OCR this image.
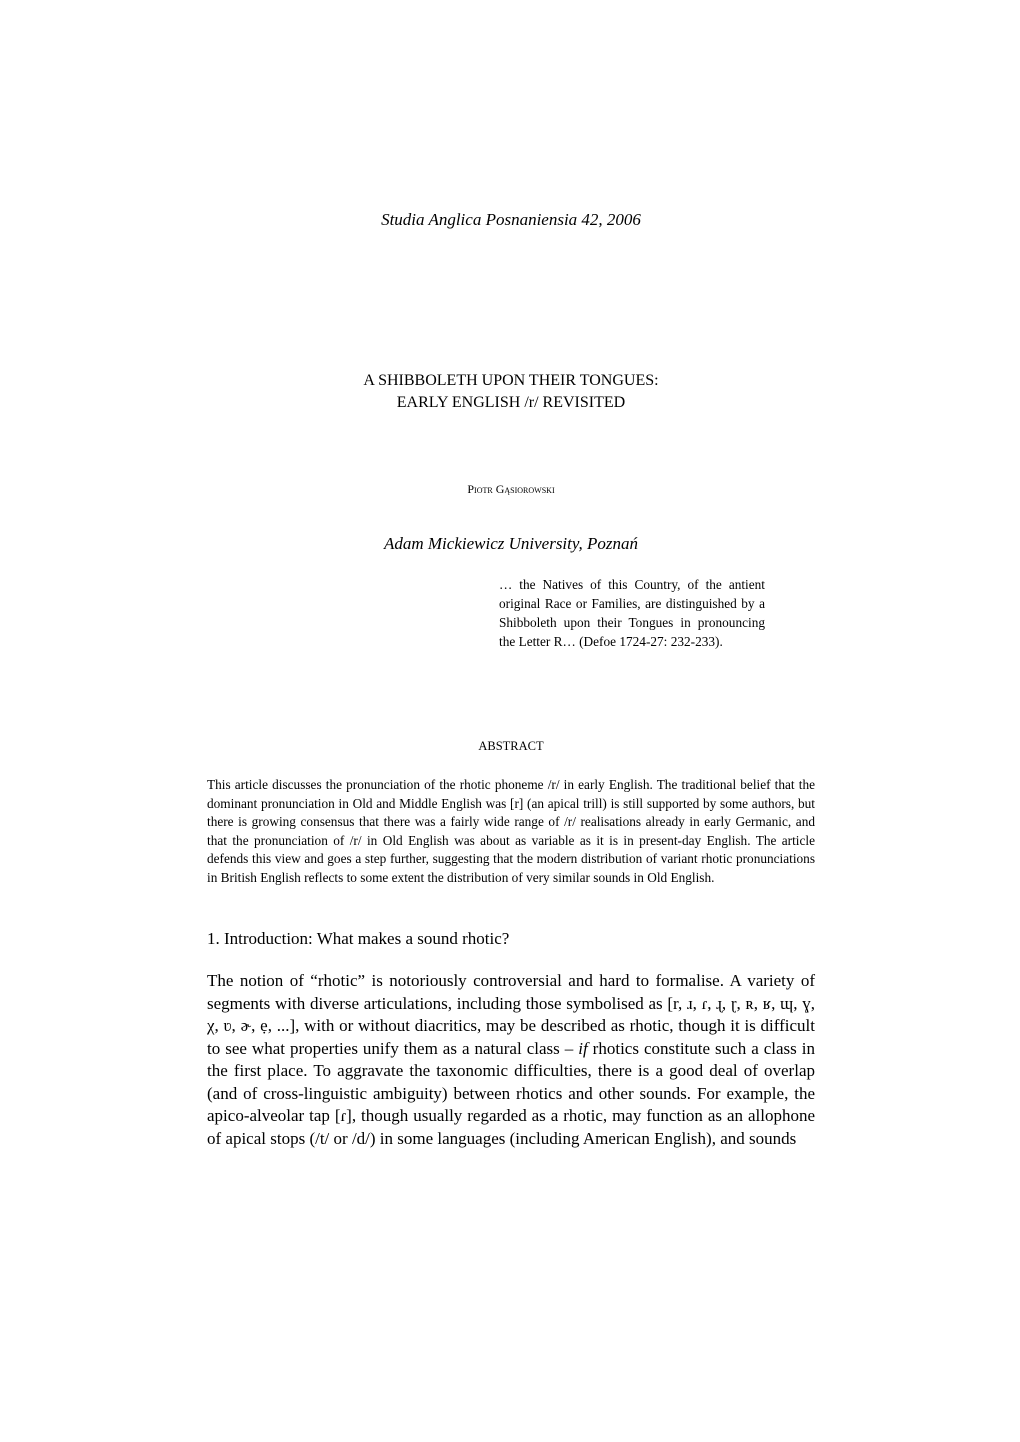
Studia Anglica Posnaniensia 42, 2006
A SHIBBOLETH UPON THEIR TONGUES:
EARLY ENGLISH /r/ REVISITED
Piotr Gąsiorowski
Adam Mickiewicz University, Poznań
… the Natives of this Country, of the antient original Race or Families, are distinguished by a Shibboleth upon their Tongues in pronouncing the Letter R… (Defoe 1724-27: 232-233).
ABSTRACT
This article discusses the pronunciation of the rhotic phoneme /r/ in early English. The traditional belief that the dominant pronunciation in Old and Middle English was [r] (an apical trill) is still supported by some authors, but there is growing consensus that there was a fairly wide range of /r/ realisations already in early Germanic, and that the pronunciation of /r/ in Old English was about as variable as it is in present-day English. The article defends this view and goes a step further, suggesting that the modern distribution of variant rhotic pronunciations in British English reflects to some extent the distribution of very similar sounds in Old English.
1. Introduction: What makes a sound rhotic?
The notion of “rhotic” is notoriously controversial and hard to formalise. A variety of segments with diverse articulations, including those symbolised as [r, ɹ, ɾ, ɻ, ɽ, ʀ, ʁ, ɰ, ɣ, χ, ʋ, ɚ, ẹ, ...], with or without diacritics, may be described as rhotic, though it is difficult to see what properties unify them as a natural class – if rhotics constitute such a class in the first place. To aggravate the taxonomic difficulties, there is a good deal of overlap (and of cross-linguistic ambiguity) between rhotics and other sounds. For example, the apico-alveolar tap [ɾ], though usually regarded as a rhotic, may function as an allophone of apical stops (/t/ or /d/) in some languages (including American English), and sounds
